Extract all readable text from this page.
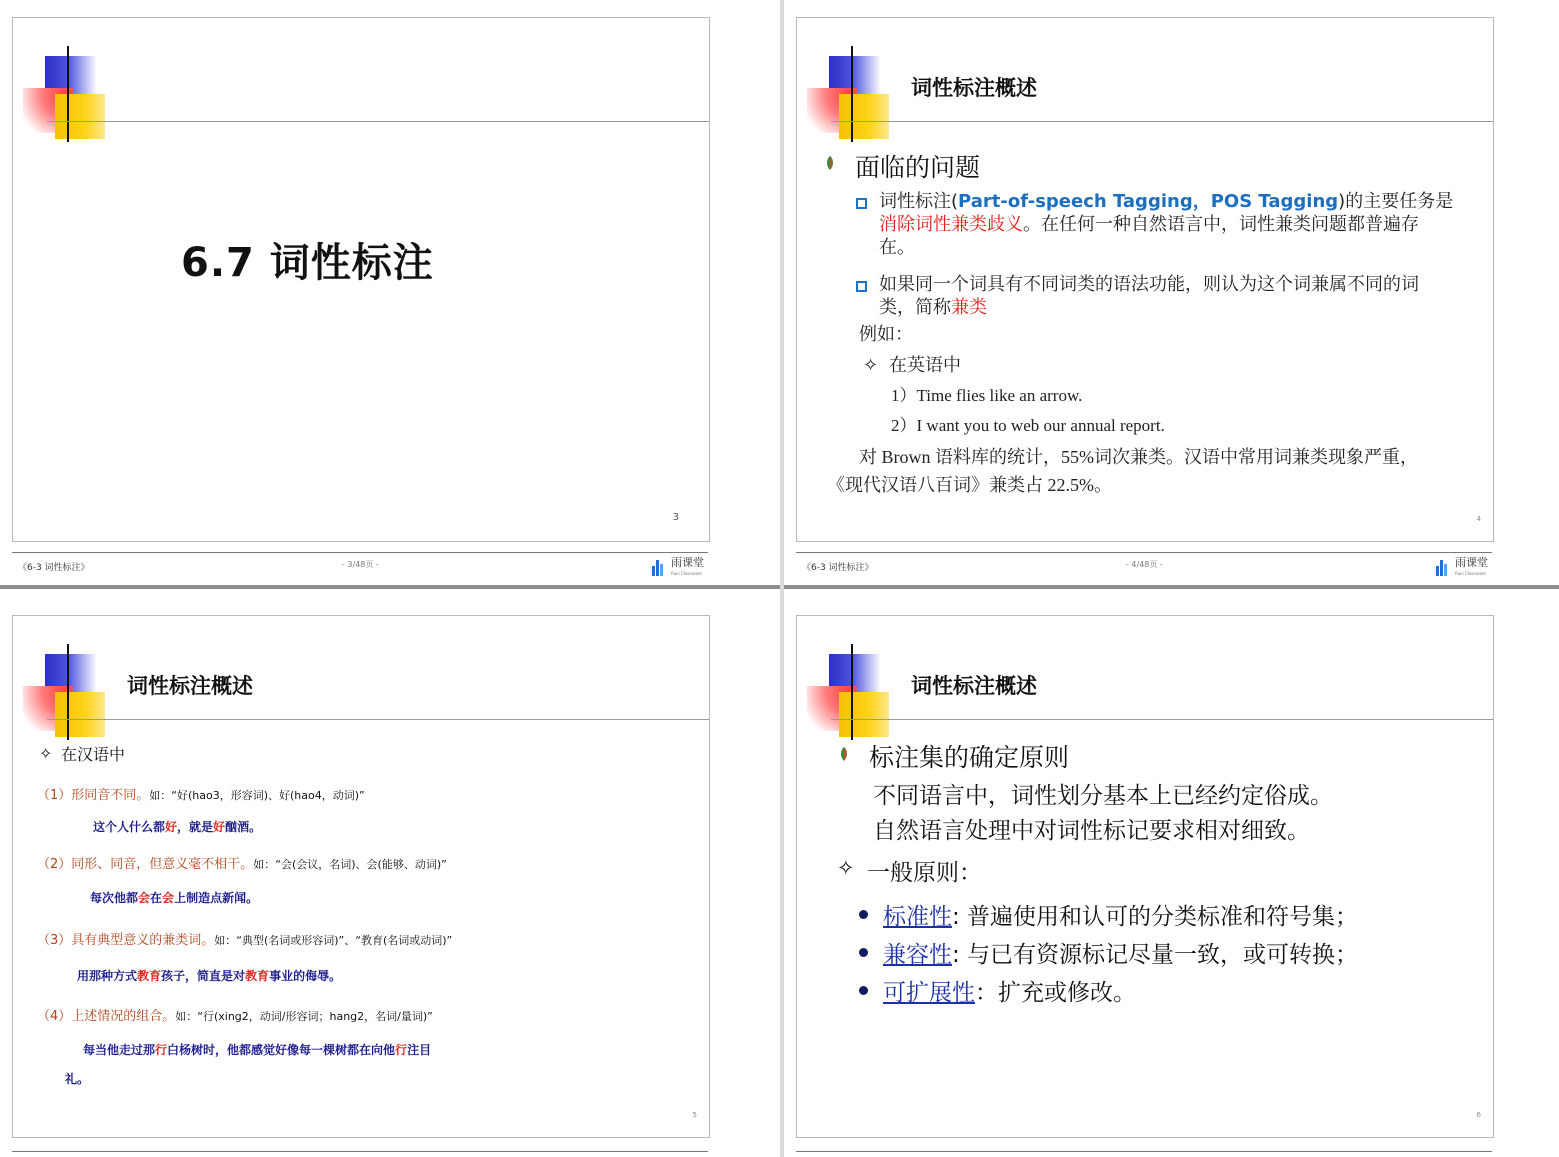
6.7 词性标注
3
《6-3 词性标注》	- 3/48页 -	雨课堂
Rain Classroom
词性标注概述
面临的问题
词性标注(Part-of-speech Tagging，POS Tagging)的主要任务是
消除词性兼类歧义。在任何一种自然语言中，词性兼类问题都普遍存
在。
如果同一个词具有不同词类的语法功能，则认为这个词兼属不同的词
类，简称兼类
例如：
✧ 在英语中
1）Time flies like an arrow.
2）I want you to web our annual report.
对 Brown 语料库的统计，55%词次兼类。汉语中常用词兼类现象严重，
《现代汉语八百词》兼类占 22.5%。
4
《6-3 词性标注》	- 4/48页 -	雨课堂
Rain Classroom
词性标注概述
✧ 在汉语中
（1）形同音不同。如：“好(hao3，形容词)、好(hao4，动词)”
这个人什么都好，就是好酗酒。
（2）同形、同音，但意义毫不相干。如：“会(会议，名词)、会(能够、动词)”
每次他都会在会上制造点新闻。
（3）具有典型意义的兼类词。如：“典型(名词或形容词)”、“教育(名词或动词)”
用那种方式教育孩子，简直是对教育事业的侮辱。
（4）上述情况的组合。如：“行(xing2，动词/形容词；hang2，名词/量词)”
每当他走过那行白杨树时，他都感觉好像每一棵树都在向他行注目
礼。
5
词性标注概述
标注集的确定原则
不同语言中，词性划分基本上已经约定俗成。
自然语言处理中对词性标记要求相对细致。
✧ 一般原则：
标准性: 普遍使用和认可的分类标准和符号集；
兼容性: 与已有资源标记尽量一致，或可转换；
可扩展性：扩充或修改。
6
